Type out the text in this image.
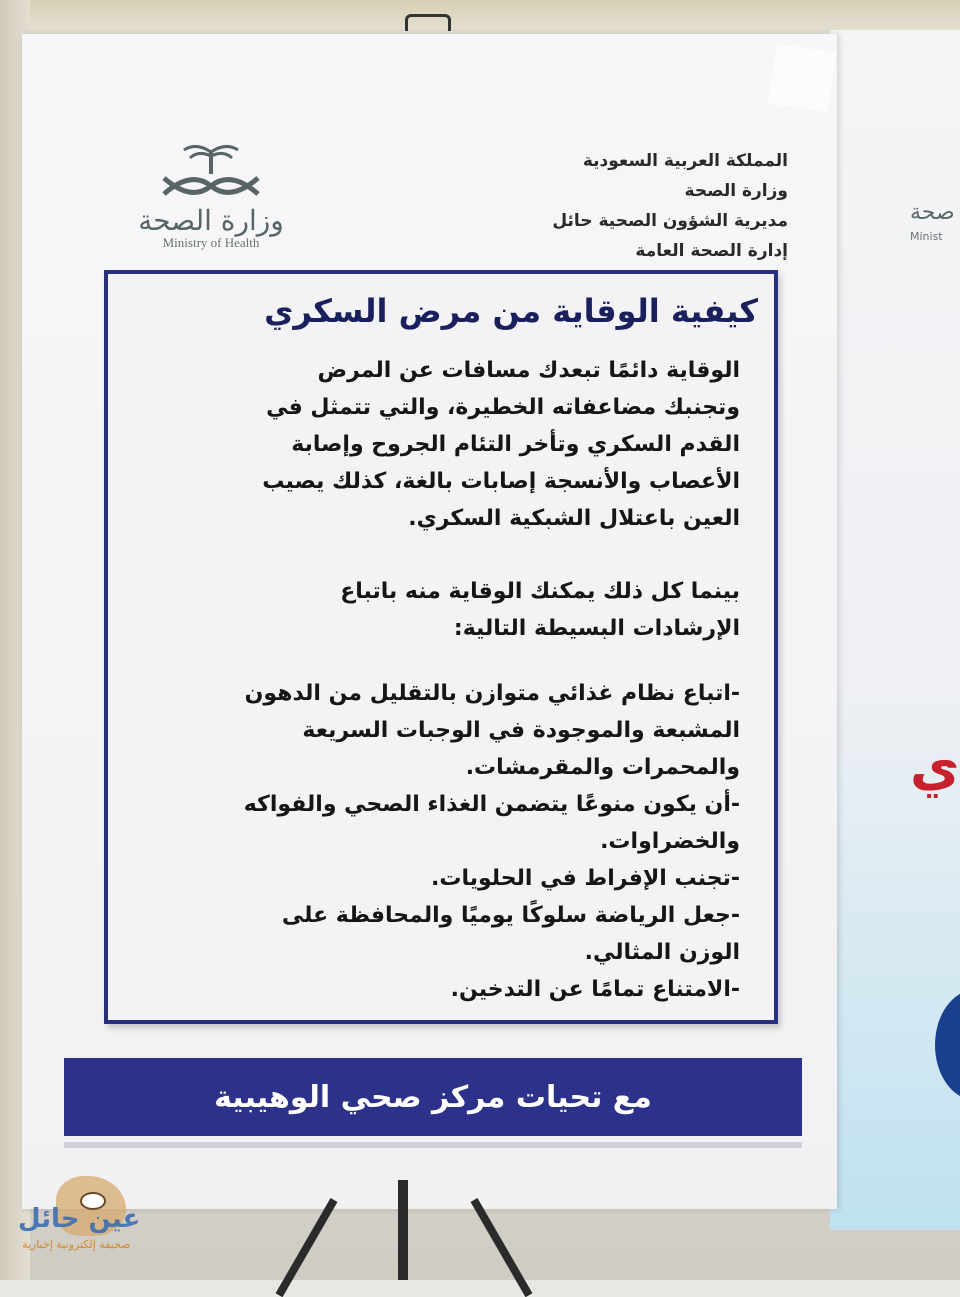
صحة
Minist
ي
وزارة الصحة
Ministry of Health
المملكة العربية السعودية
وزارة الصحة
مديرية الشؤون الصحية حائل
إدارة الصحة العامة
كيفية الوقاية من مرض السكري

الوقاية دائمًا تبعدك مسافات عن المرض

وتجنبك مضاعفاته الخطيرة، والتي تتمثل في

القدم السكري وتأخر التئام الجروح وإصابة

الأعصاب والأنسجة إصابات بالغة، كذلك يصيب

العين باعتلال الشبكية السكري.

بينما كل ذلك يمكنك الوقاية منه باتباع

الإرشادات البسيطة التالية:

-اتباع نظام غذائي متوازن بالتقليل من الدهون
المشبعة والموجودة في الوجبات السريعة
والمحمرات والمقرمشات.
-أن يكون منوعًا يتضمن الغذاء الصحي والفواكه
والخضراوات.
-تجنب الإفراط في الحلويات.
-جعل الرياضة سلوكًا يوميًا والمحافظة على
الوزن المثالي.
-الامتناع تمامًا عن التدخين.
مع تحيات مركز صحي الوهيبية
عين حائل
صحيفة إلكترونية إخبارية
